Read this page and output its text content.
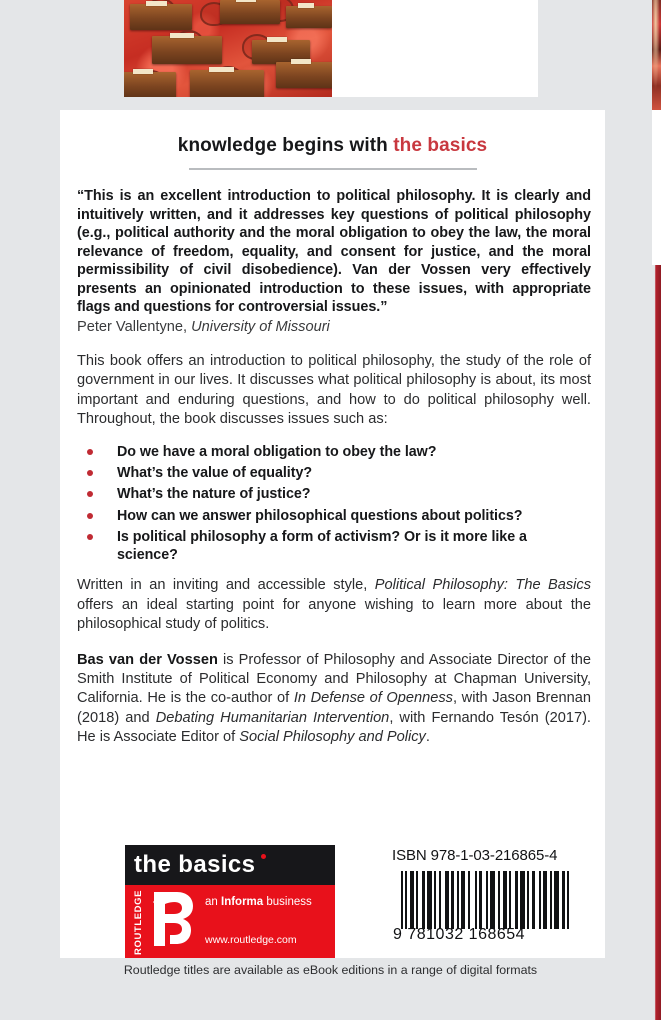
knowledge begins with the basics

“This is an excellent introduction to political philosophy. It is clearly and intuitively written, and it addresses key questions of political philosophy (e.g., political authority and the moral obligation to obey the law, the moral relevance of freedom, equality, and consent for justice, and the moral permissibility of civil disobedience). Van der Vossen very effectively presents an opinionated introduction to these issues, with appropriate flags and questions for controversial issues.”

Peter Vallentyne, University of Missouri

This book offers an introduction to political philosophy, the study of the role of government in our lives. It discusses what political philosophy is about, its most important and enduring questions, and how to do political philosophy well. Throughout, the book discusses issues such as:

Do we have a moral obligation to obey the law?
What’s the value of equality?
What’s the nature of justice?
How can we answer philosophical questions about politics?
Is political philosophy a form of activism? Or is it more like a science?

Written in an inviting and accessible style, Political Philosophy: The Basics offers an ideal starting point for anyone wishing to learn more about the philosophical study of politics.

Bas van der Vossen is Professor of Philosophy and Associate Director of the Smith Institute of Political Economy and Philosophy at Chapman University, California. He is the co-author of In Defense of Openness, with Jason Brennan (2018) and Debating Humanitarian Intervention, with Fernando Tesón (2017). He is Associate Editor of Social Philosophy and Policy.

the basics
ROUTLEDGE	an Informa business
www.routledge.com
ISBN 978-1-03-216865-4
9 781032 168654
Routledge titles are available as eBook editions in a range of digital formats
